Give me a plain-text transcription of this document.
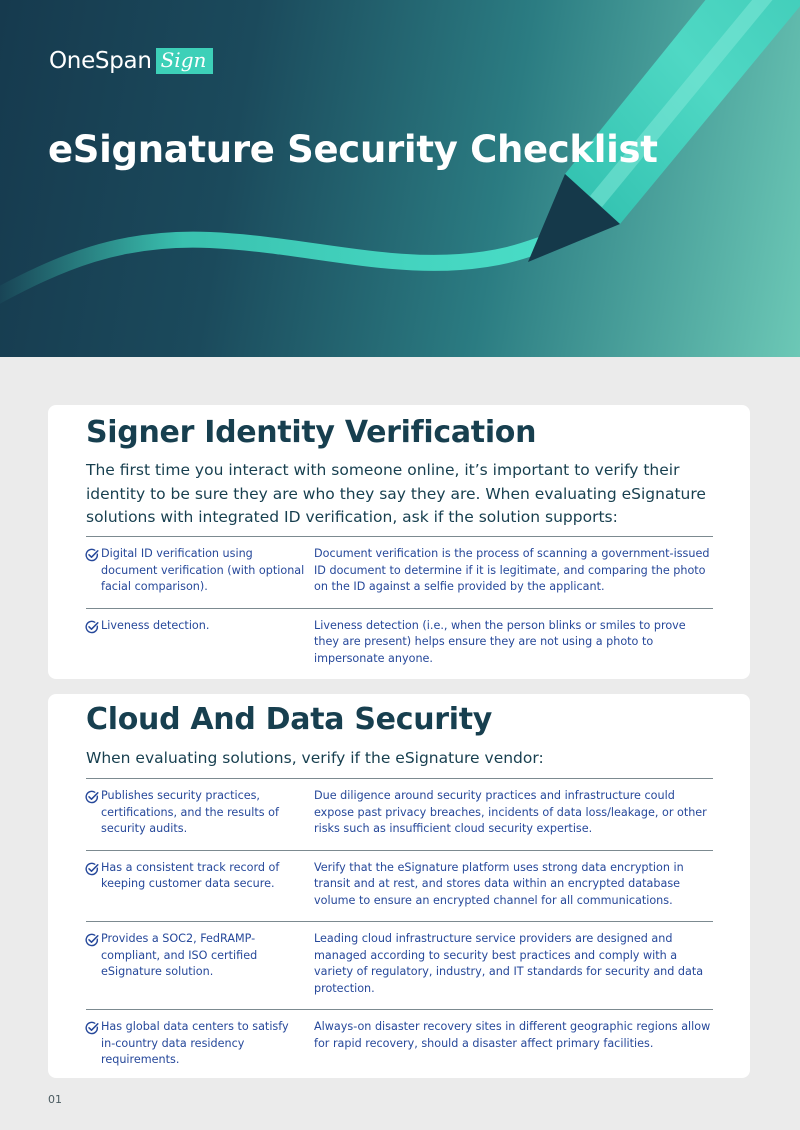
OneSpan Sign
eSignature Security Checklist
Signer Identity Verification

The first time you interact with someone online, it’s important to verify their identity to be sure they are who they say they are. When evaluating eSignature solutions with integrated ID verification, ask if the solution supports:

Digital ID verification using document verification (with optional facial comparison).
Document verification is the process of scanning a government-issued ID document to determine if it is legitimate, and comparing the photo on the ID against a selfie provided by the applicant.
Liveness detection.	Liveness detection (i.e., when the person blinks or smiles to prove they are present) helps ensure they are not using a photo to impersonate anyone.
Cloud And Data Security

When evaluating solutions, verify if the eSignature vendor:

Publishes security practices, certifications, and the results of security audits.
Due diligence around security practices and infrastructure could expose past privacy breaches, incidents of data loss/leakage, or other risks such as insufficient cloud security expertise.
Has a consistent track record of keeping customer data secure.
Verify that the eSignature platform uses strong data encryption in transit and at rest, and stores data within an encrypted database volume to ensure an encrypted channel for all communications.
Provides a SOC2, FedRAMP-compliant, and ISO certified eSignature solution.
Leading cloud infrastructure service providers are designed and managed according to security best practices and comply with a variety of regulatory, industry, and IT standards for security and data protection.
Has global data centers to satisfy in-country data residency requirements.
Always-on disaster recovery sites in different geographic regions allow for rapid recovery, should a disaster affect primary facilities.
01
